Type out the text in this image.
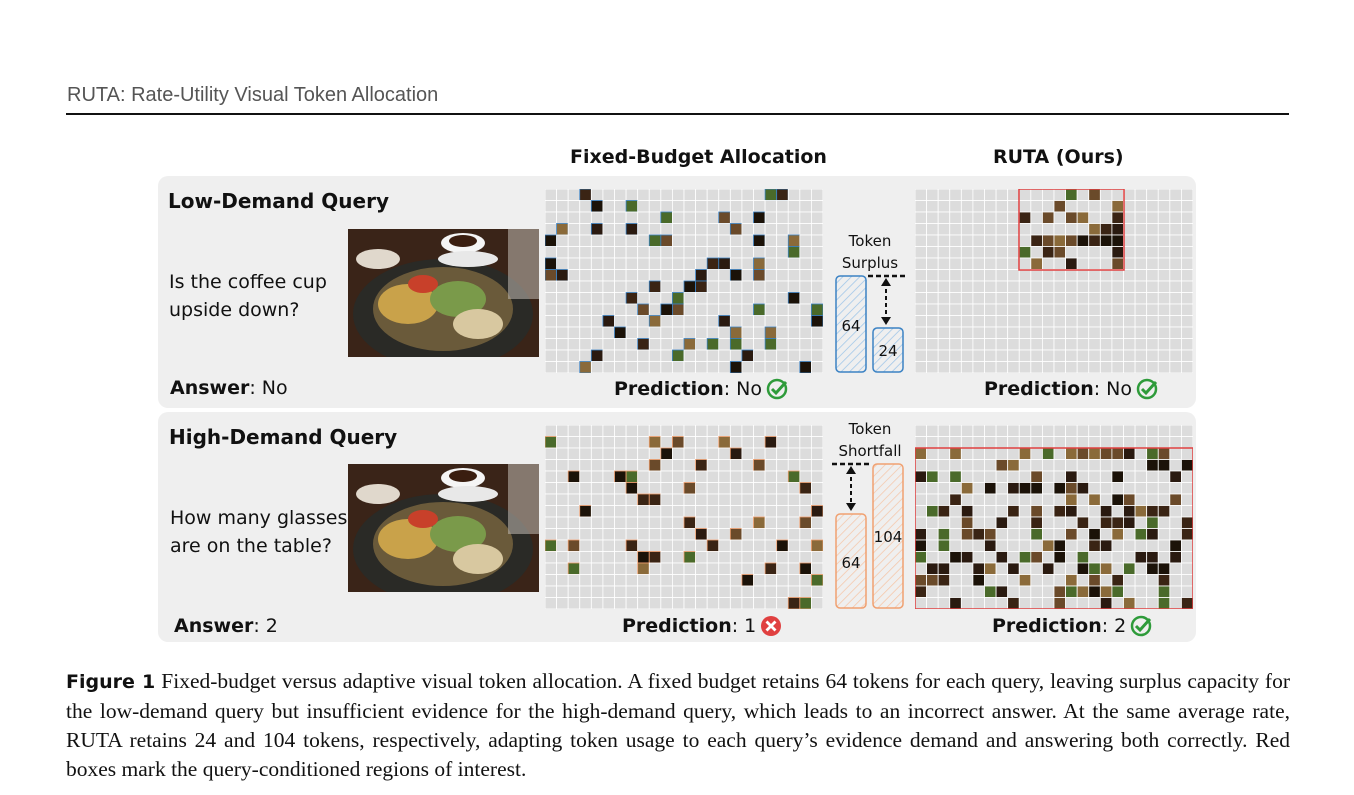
RUTA: Rate-Utility Visual Token Allocation
Fixed-Budget Allocation	RUTA (Ours)
Low-Demand Query
Is the coffee cup
upside down?
Answer: No
Token
Surplus
64
24
Prediction: No	Prediction: No
High-Demand Query
How many glasses
are on the table?
Answer: 2
Token
Shortfall
64
104
Prediction: 1	Prediction: 2
Figure 1 Fixed-budget versus adaptive visual token allocation. A fixed budget retains 64 tokens for each query, leaving surplus capacity for the low-demand query but insufficient evidence for the high-demand query, which leads to an incorrect answer. At the same average rate, RUTA retains 24 and 104 tokens, respectively, adapting token usage to each query’s evidence demand and answering both correctly. Red boxes mark the query-conditioned regions of interest.
